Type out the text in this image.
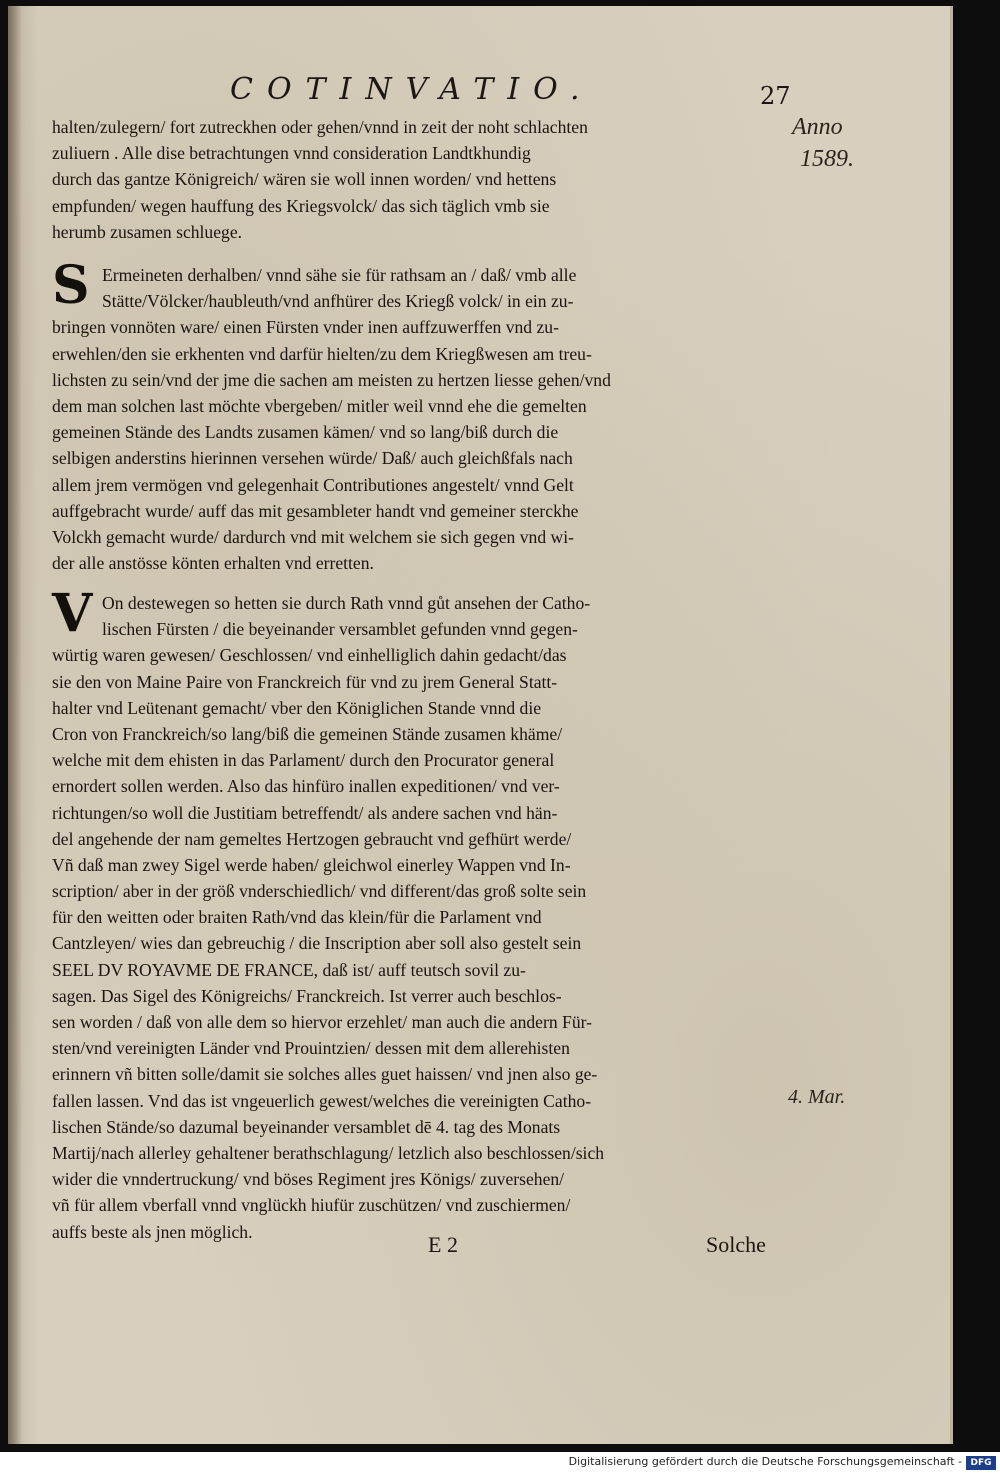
COTINVATIO.	27
Anno
1589.
4. Mar.
halten/zulegern/ fort zutreckhen oder gehen/vnnd in zeit der noht schlachten
zuliuern . Alle dise betrachtungen vnnd consideration Landtkhundig
durch das gantze Königreich/ wären sie woll innen worden/ vnd hettens
empfunden/ wegen hauffung des Kriegsvolck/ das sich täglich vmb sie
herumb zusamen schluege.
S Ermeineten derhalben/ vnnd sähe sie für rathsam an / daß/ vmb alle
Stätte/Völcker/haubleuth/vnd anfhürer des Kriegß volck/ in ein zu-
bringen vonnöten ware/ einen Fürsten vnder inen auffzuwerffen vnd zu-
erwehlen/den sie erkhenten vnd darfür hielten/zu dem Kriegßwesen am treu-
lichsten zu sein/vnd der jme die sachen am meisten zu hertzen liesse gehen/vnd
dem man solchen last möchte vbergeben/ mitler weil vnnd ehe die gemelten
gemeinen Stände des Landts zusamen kämen/ vnd so lang/biß durch die
selbigen anderstins hierinnen versehen würde/ Daß/ auch gleichßfals nach
allem jrem vermögen vnd gelegenhait Contributiones angestelt/ vnnd Gelt
auffgebracht wurde/ auff das mit gesambleter handt vnd gemeiner sterckhe
Volckh gemacht wurde/ dardurch vnd mit welchem sie sich gegen vnd wi-
der alle anstösse könten erhalten vnd erretten.
V On destewegen so hetten sie durch Rath vnnd gůt ansehen der Catho-
lischen Fürsten / die beyeinander versamblet gefunden vnnd gegen-
würtig waren gewesen/ Geschlossen/ vnd einhelliglich dahin gedacht/das
sie den von Maine Paire von Franckreich für vnd zu jrem General Statt-
halter vnd Leütenant gemacht/ vber den Königlichen Stande vnnd die
Cron von Franckreich/so lang/biß die gemeinen Stände zusamen khäme/
welche mit dem ehisten in das Parlament/ durch den Procurator general
ernordert sollen werden. Also das hinfüro inallen expeditionen/ vnd ver-
richtungen/so woll die Justitiam betreffendt/ als andere sachen vnd hän-
del angehende der nam gemeltes Hertzogen gebraucht vnd gefhürt werde/
Vñ daß man zwey Sigel werde haben/ gleichwol einerley Wappen vnd In-
scription/ aber in der größ vnderschiedlich/ vnd different/das groß solte sein
für den weitten oder braiten Rath/vnd das klein/für die Parlament vnd
Cantzleyen/ wies dan gebreuchig / die Inscription aber soll also gestelt sein
SEEL DV ROYAVME DE FRANCE, daß ist/ auff teutsch sovil zu-
sagen. Das Sigel des Königreichs/ Franckreich. Ist verrer auch beschlos-
sen worden / daß von alle dem so hiervor erzehlet/ man auch die andern Für-
sten/vnd vereinigten Länder vnd Prouintzien/ dessen mit dem allerehisten
erinnern vñ bitten solle/damit sie solches alles guet haissen/ vnd jnen also ge-
fallen lassen. Vnd das ist vngeuerlich gewest/welches die vereinigten Catho-
lischen Stände/so dazumal beyeinander versamblet dē 4. tag des Monats
Martij/nach allerley gehaltener berathschlagung/ letzlich also beschlossen/sich
wider die vnndertruckung/ vnd böses Regiment jres Königs/ zuversehen/
vñ für allem vberfall vnnd vnglückh hiufür zuschützen/ vnd zuschiermen/
auffs beste als jnen möglich.
E 2	Solche
Digitalisierung gefördert durch die Deutsche Forschungsgemeinschaft - DFG
